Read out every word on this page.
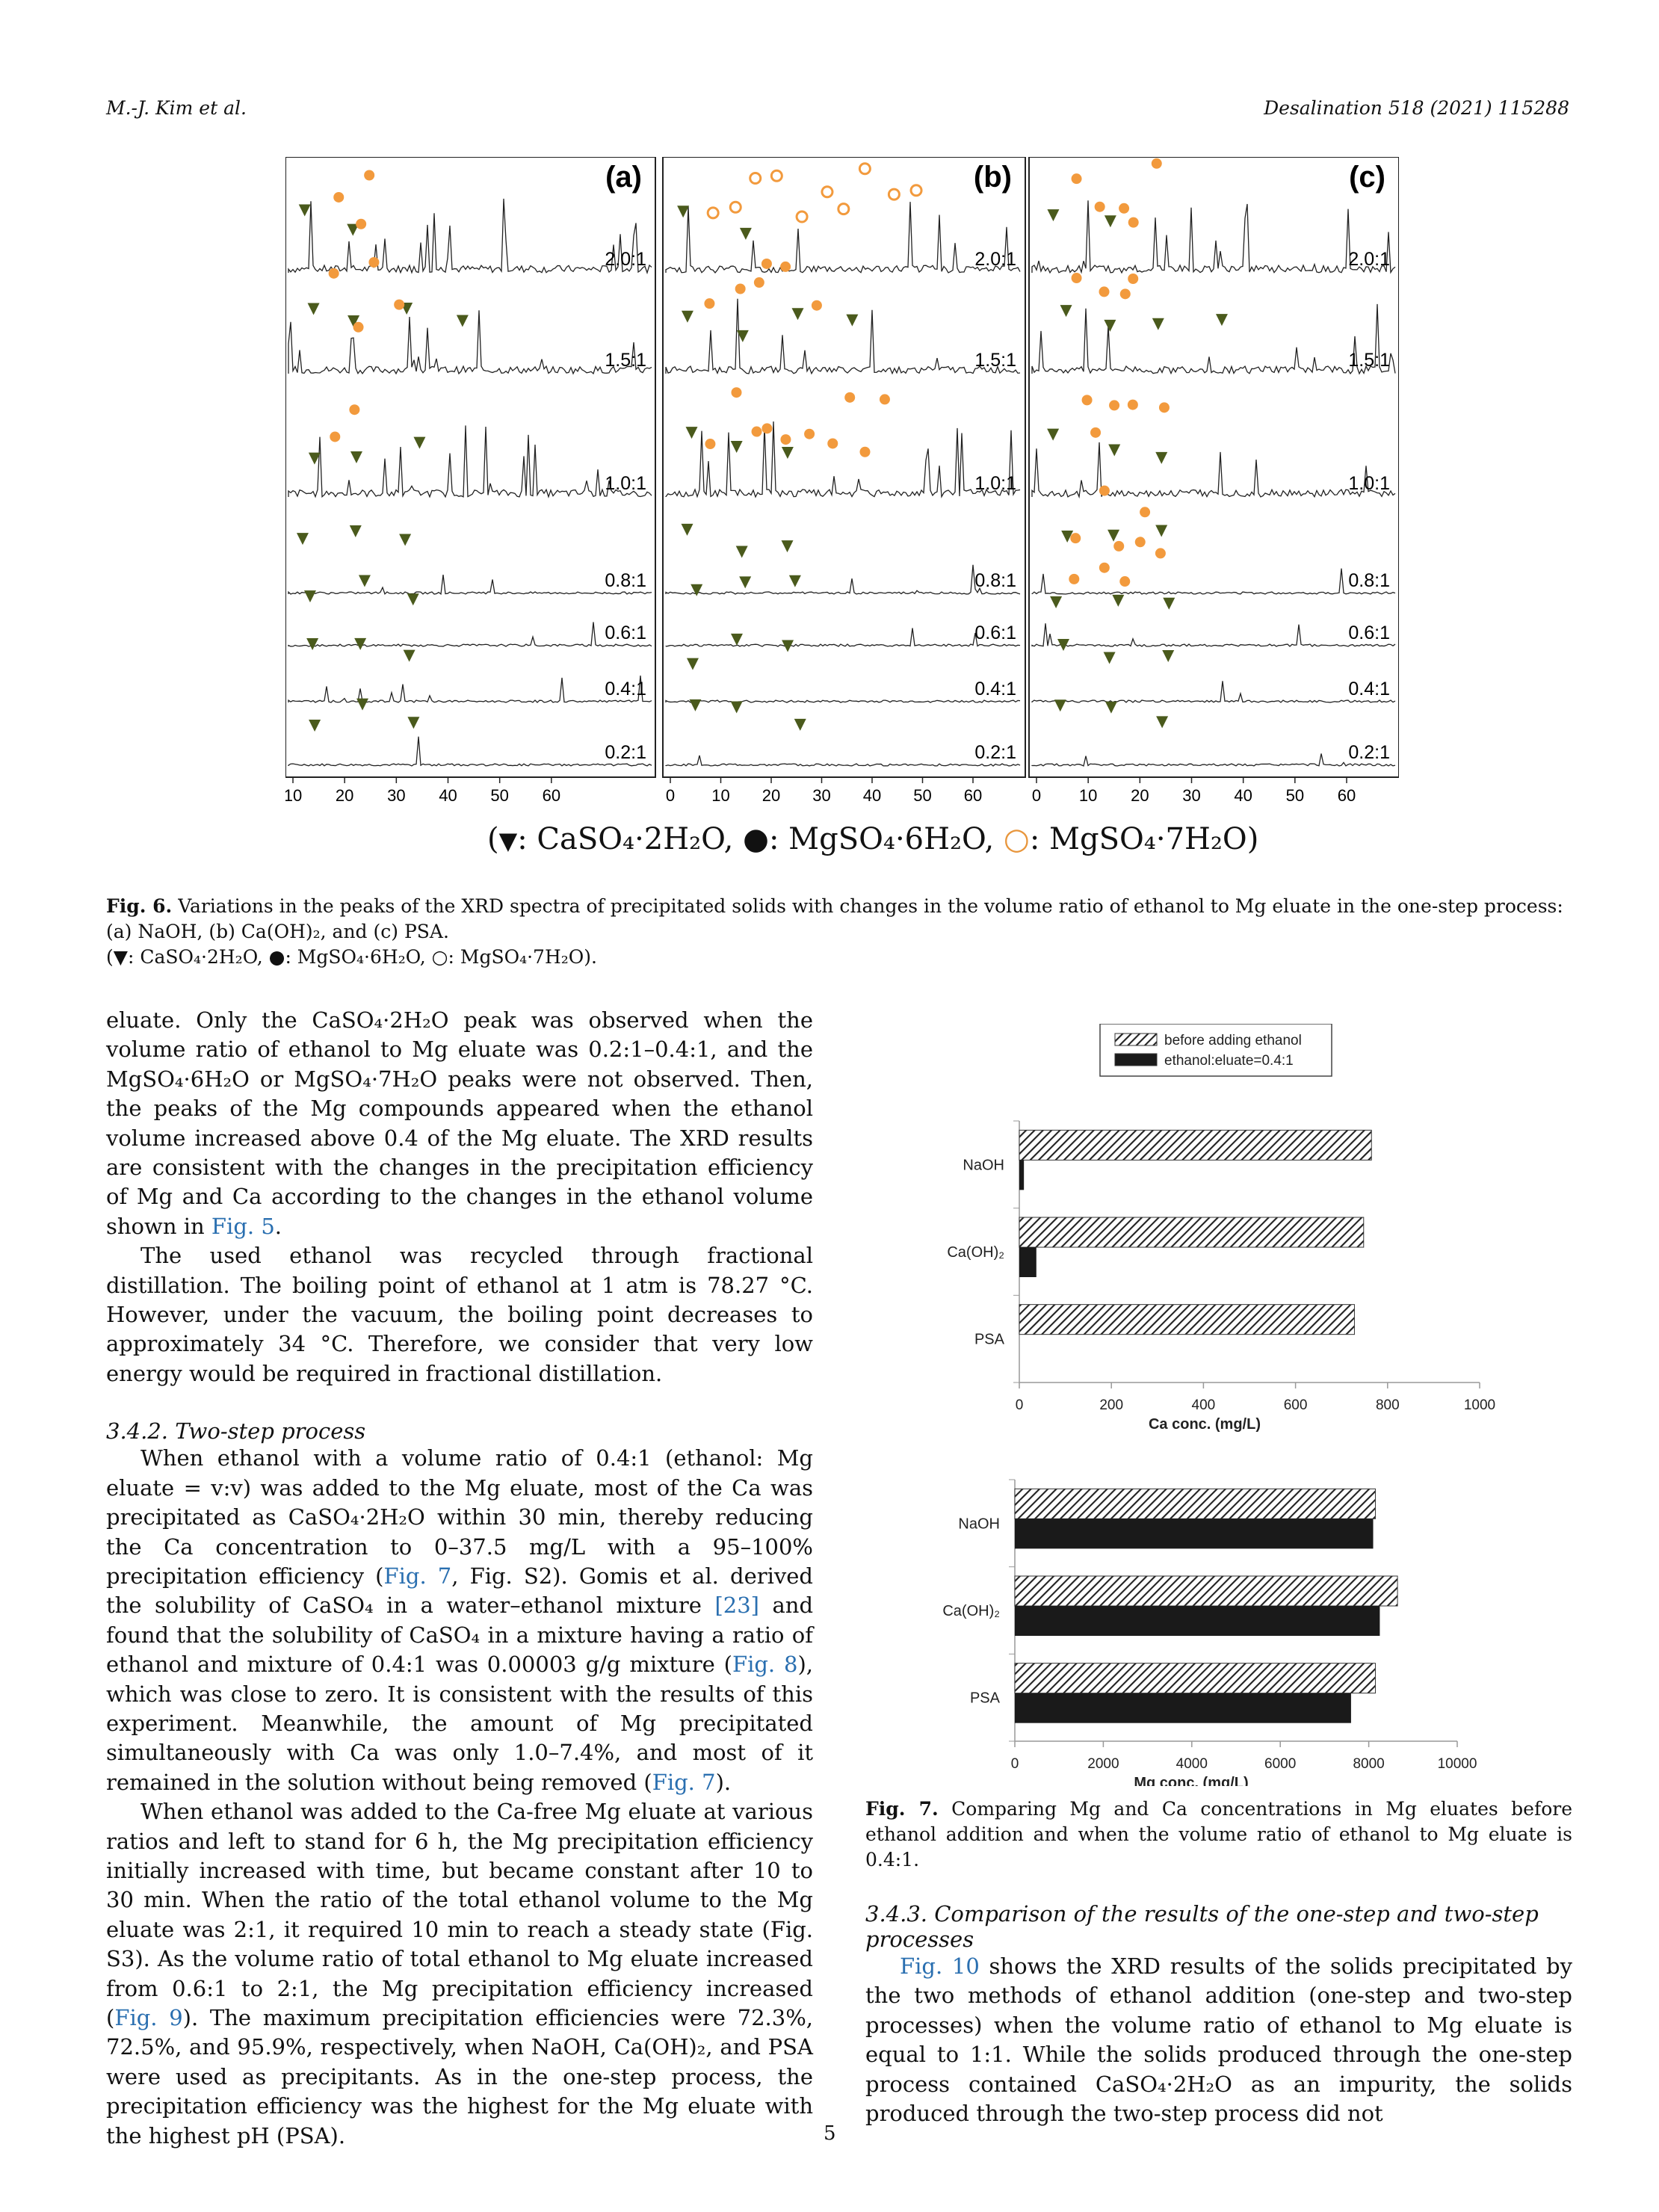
M.-J. Kim et al.	Desalination 518 (2021) 115288
(a)
2.0:1
1.5:1
1.0:1
0.8:1
0.6:1
0.4:1
0.2:1
10 20 30 40 50 60
(b)
2.0:1
1.5:1
1.0:1
0.8:1
0.6:1
0.4:1
0.2:1
0 10 20 30 40 50 60
(c)
2.0:1
1.5:1
1.0:1
0.8:1
0.6:1
0.4:1
0.2:1
0 10 20 30 40 50 60
(▼: CaSO₄·2H₂O, ●: MgSO₄·6H₂O, ○: MgSO₄·7H₂O)
Fig. 6. Variations in the peaks of the XRD spectra of precipitated solids with changes in the volume ratio of ethanol to Mg eluate in the one-step process: (a) NaOH, (b) Ca(OH)₂, and (c) PSA.
(▼: CaSO₄·2H₂O, ●: MgSO₄·6H₂O, ○: MgSO₄·7H₂O).

eluate. Only the CaSO₄·2H₂O peak was observed when the volume ratio of ethanol to Mg eluate was 0.2:1–0.4:1, and the MgSO₄·6H₂O or MgSO₄·7H₂O peaks were not observed. Then, the peaks of the Mg compounds appeared when the ethanol volume increased above 0.4 of the Mg eluate. The XRD results are consistent with the changes in the precipitation efficiency of Mg and Ca according to the changes in the ethanol volume shown in Fig. 5.

The used ethanol was recycled through fractional distillation. The boiling point of ethanol at 1 atm is 78.27 °C. However, under the vacuum, the boiling point decreases to approximately 34 °C. Therefore, we consider that very low energy would be required in fractional distillation.

3.4.2. Two-step process

When ethanol with a volume ratio of 0.4:1 (ethanol: Mg eluate = v:v) was added to the Mg eluate, most of the Ca was precipitated as CaSO₄·2H₂O within 30 min, thereby reducing the Ca concentration to 0–37.5 mg/L with a 95–100% precipitation efficiency (Fig. 7, Fig. S2). Gomis et al. derived the solubility of CaSO₄ in a water–ethanol mixture [23] and found that the solubility of CaSO₄ in a mixture having a ratio of ethanol and mixture of 0.4:1 was 0.00003 g/g mixture (Fig. 8), which was close to zero. It is consistent with the results of this experiment. Meanwhile, the amount of Mg precipitated simultaneously with Ca was only 1.0–7.4%, and most of it remained in the solution without being removed (Fig. 7).

When ethanol was added to the Ca-free Mg eluate at various ratios and left to stand for 6 h, the Mg precipitation efficiency initially increased with time, but became constant after 10 to 30 min. When the ratio of the total ethanol volume to the Mg eluate was 2:1, it required 10 min to reach a steady state (Fig. S3). As the volume ratio of total ethanol to Mg eluate increased from 0.6:1 to 2:1, the Mg precipitation efficiency increased (Fig. 9). The maximum precipitation efficiencies were 72.3%, 72.5%, and 95.9%, respectively, when NaOH, Ca(OH)₂, and PSA were used as precipitants. As in the one-step process, the precipitation efficiency was the highest for the Mg eluate with the highest pH (PSA).

0	200	400	600	800	1000
Ca conc. (mg/L)
NaOH
Ca(OH)₂
PSA
before adding ethanol
ethanol:eluate=0.4:1
0	2000	4000	6000	8000	10000
Mg conc. (mg/L)
NaOH
Ca(OH)₂
PSA
Fig. 7. Comparing Mg and Ca concentrations in Mg eluates before ethanol addition and when the volume ratio of ethanol to Mg eluate is 0.4:1.
3.4.3. Comparison of the results of the one-step and two-step processes

Fig. 10 shows the XRD results of the solids precipitated by the two methods of ethanol addition (one-step and two-step processes) when the volume ratio of ethanol to Mg eluate is equal to 1:1. While the solids produced through the one-step process contained CaSO₄·2H₂O as an impurity, the solids produced through the two-step process did not

5
